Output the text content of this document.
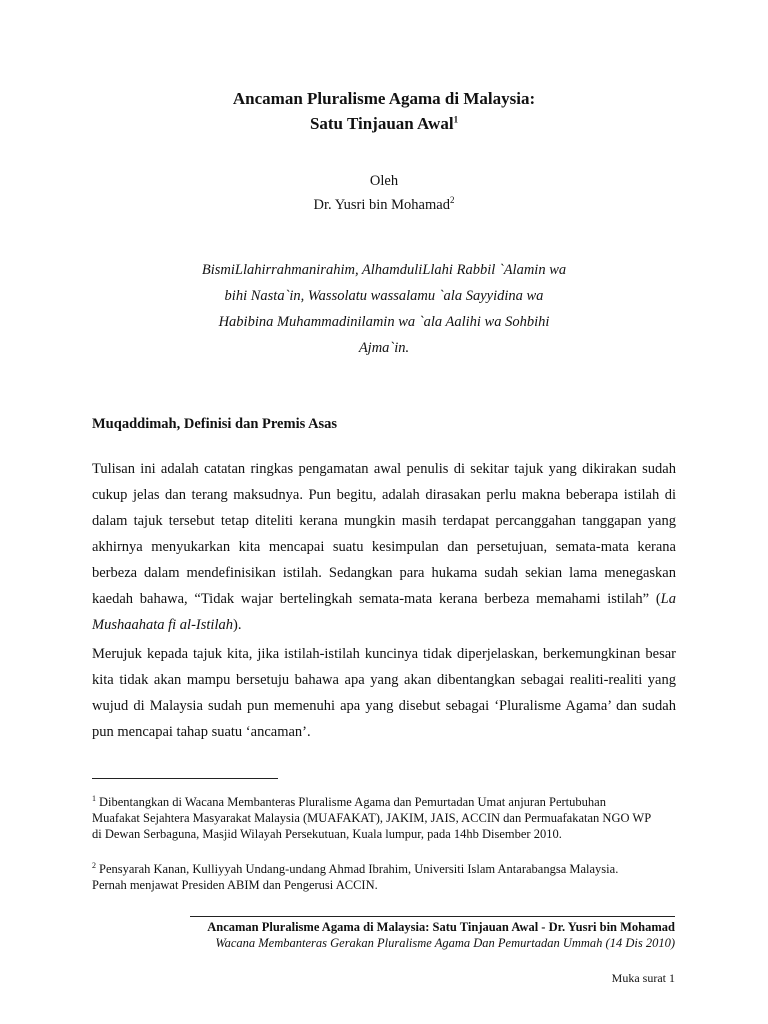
Ancaman Pluralisme Agama di Malaysia:
Satu Tinjauan Awal$^1$
Oleh
Dr. Yusri bin Mohamad$^2$
BismiLlahirrahmanirahim, AlhamduliLlahi Rabbil `Alamin wa
bihi Nasta`in, Wassolatu wassalamu `ala Sayyidina wa
Habibina Muhammadinilamin wa `ala Aalihi wa Sohbihi
Ajma`in.
Muqaddimah, Definisi dan Premis Asas

Tulisan ini adalah catatan ringkas pengamatan awal penulis di sekitar tajuk yang dikirakan sudah cukup jelas dan terang maksudnya. Pun begitu, adalah dirasakan perlu makna beberapa istilah di dalam tajuk tersebut tetap diteliti kerana mungkin masih terdapat percanggahan tanggapan yang akhirnya menyukarkan kita mencapai suatu kesimpulan dan persetujuan, semata-mata kerana berbeza dalam mendefinisikan istilah. Sedangkan para hukama sudah sekian lama menegaskan kaedah bahawa, “Tidak wajar bertelingkah semata-mata kerana berbeza memahami istilah” (La Mushaahata fi al-Istilah).

Merujuk kepada tajuk kita, jika istilah-istilah kuncinya tidak diperjelaskan, berkemungkinan besar kita tidak akan mampu bersetuju bahawa apa yang akan dibentangkan sebagai realiti-realiti yang wujud di Malaysia sudah pun memenuhi apa yang disebut sebagai ‘Pluralisme Agama’ dan sudah pun mencapai tahap suatu ‘ancaman’.

$^1$ Dibentangkan di Wacana Membanteras Pluralisme Agama dan Pemurtadan Umat anjuran Pertubuhan Muafakat Sejahtera Masyarakat Malaysia (MUAFAKAT), JAKIM, JAIS, ACCIN dan Permuafakatan NGO WP di Dewan Serbaguna, Masjid Wilayah Persekutuan, Kuala lumpur, pada 14hb Disember 2010.
$^2$ Pensyarah Kanan, Kulliyyah Undang-undang Ahmad Ibrahim, Universiti Islam Antarabangsa Malaysia. Pernah menjawat Presiden ABIM dan Pengerusi ACCIN.
Ancaman Pluralisme Agama di Malaysia: Satu Tinjauan Awal - Dr. Yusri bin Mohamad
Wacana Membanteras Gerakan Pluralisme Agama Dan Pemurtadan Ummah (14 Dis 2010)
Muka surat 1
